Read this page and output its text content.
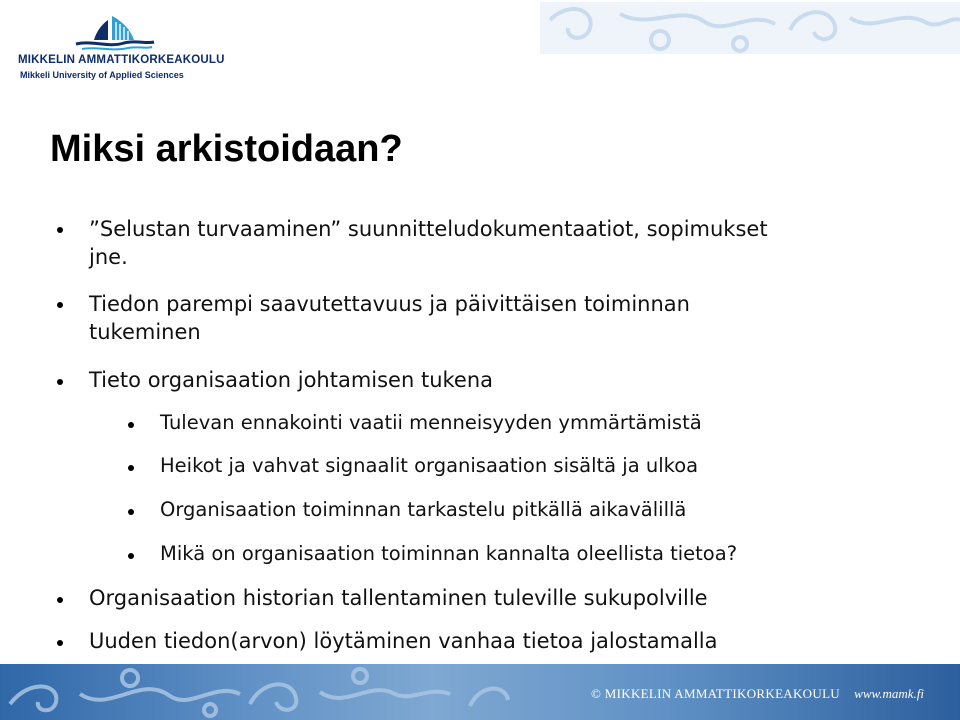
MIKKELIN AMMATTIKORKEAKOULU
Mikkeli University of Applied Sciences
Miksi arkistoidaan?
”Selustan turvaaminen” suunnitteludokumentaatiot, sopimukset
jne.
Tiedon parempi saavutettavuus ja päivittäisen toiminnan
tukeminen
Tieto organisaation johtamisen tukena
Tulevan ennakointi vaatii menneisyyden ymmärtämistä
Heikot ja vahvat signaalit organisaation sisältä ja ulkoa
Organisaation toiminnan tarkastelu pitkällä aikavälillä
Mikä on organisaation toiminnan kannalta oleellista tietoa?
Organisaation historian tallentaminen tuleville sukupolville
Uuden tiedon(arvon) löytäminen vanhaa tietoa jalostamalla
© MIKKELIN AMMATTIKORKEAKOULU www.mamk.fi
